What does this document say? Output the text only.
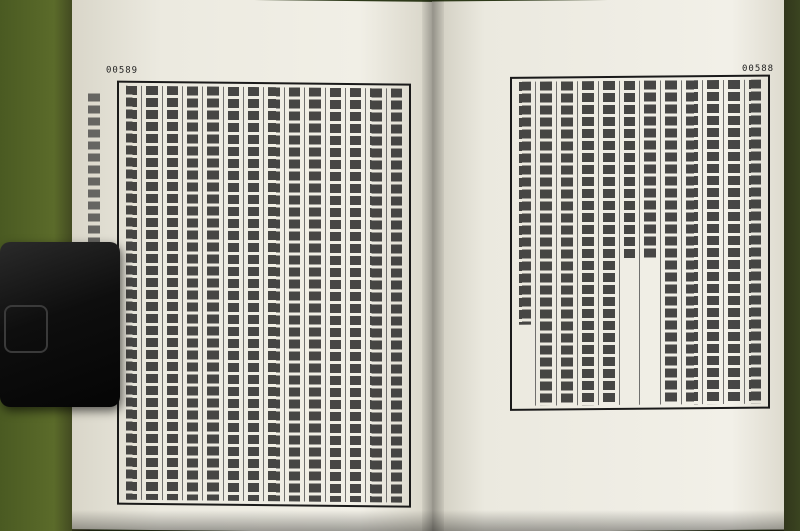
00589	00588
